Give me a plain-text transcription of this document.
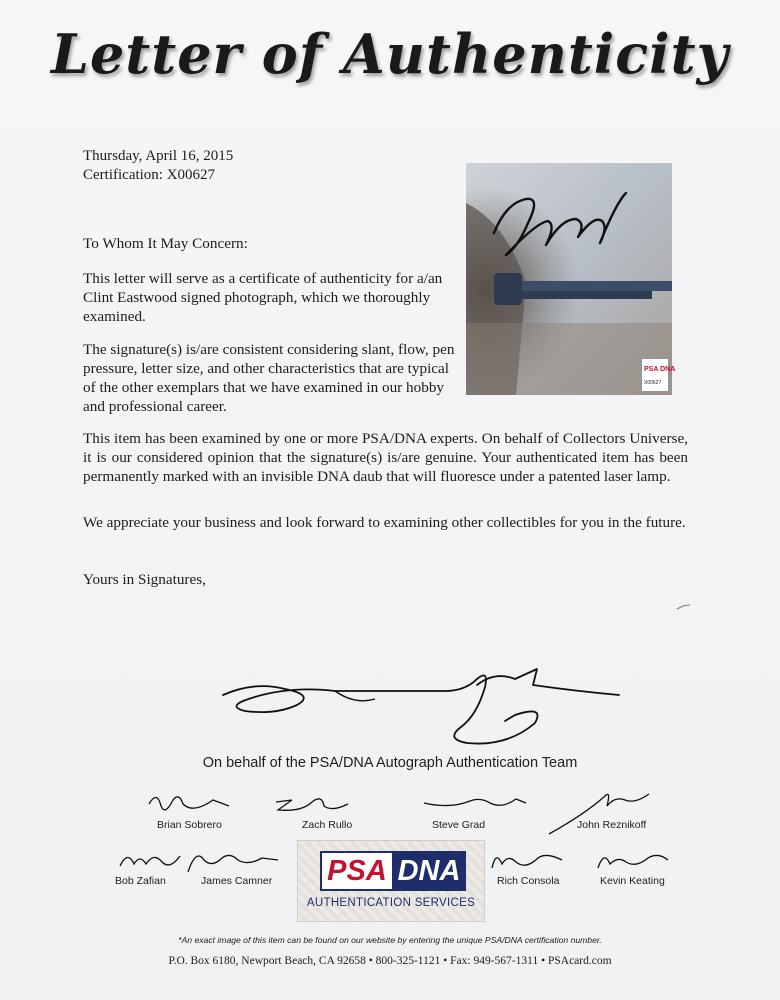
Letter of Authenticity
Thursday, April 16, 2015
Certification: X00627
PSA DNA
X00627
To Whom It May Concern:
This letter will serve as a certificate of authenticity for a/an Clint Eastwood signed photograph, which we thoroughly examined.
The signature(s) is/are consistent considering slant, flow, pen pressure, letter size, and other characteristics that are typical of the other exemplars that we have examined in our hobby and professional career.
This item has been examined by one or more PSA/DNA experts. On behalf of Collectors Universe, it is our considered opinion that the signature(s) is/are genuine. Your authenticated item has been permanently marked with an invisible DNA daub that will fluoresce under a patented laser lamp.
We appreciate your business and look forward to examining other collectibles for you in the future.
Yours in Signatures,
On behalf of the PSA/DNA Autograph Authentication Team
Brian Sobrero	Zach Rullo	Steve Grad	John Reznikoff
Bob Zafian	James Camner	Rich Consola	Kevin Keating
PSA DNA
AUTHENTICATION SERVICES
*An exact image of this item can be found on our website by entering the unique PSA/DNA certification number.
P.O. Box 6180, Newport Beach, CA 92658 • 800-325-1121 • Fax: 949-567-1311 • PSAcard.com
